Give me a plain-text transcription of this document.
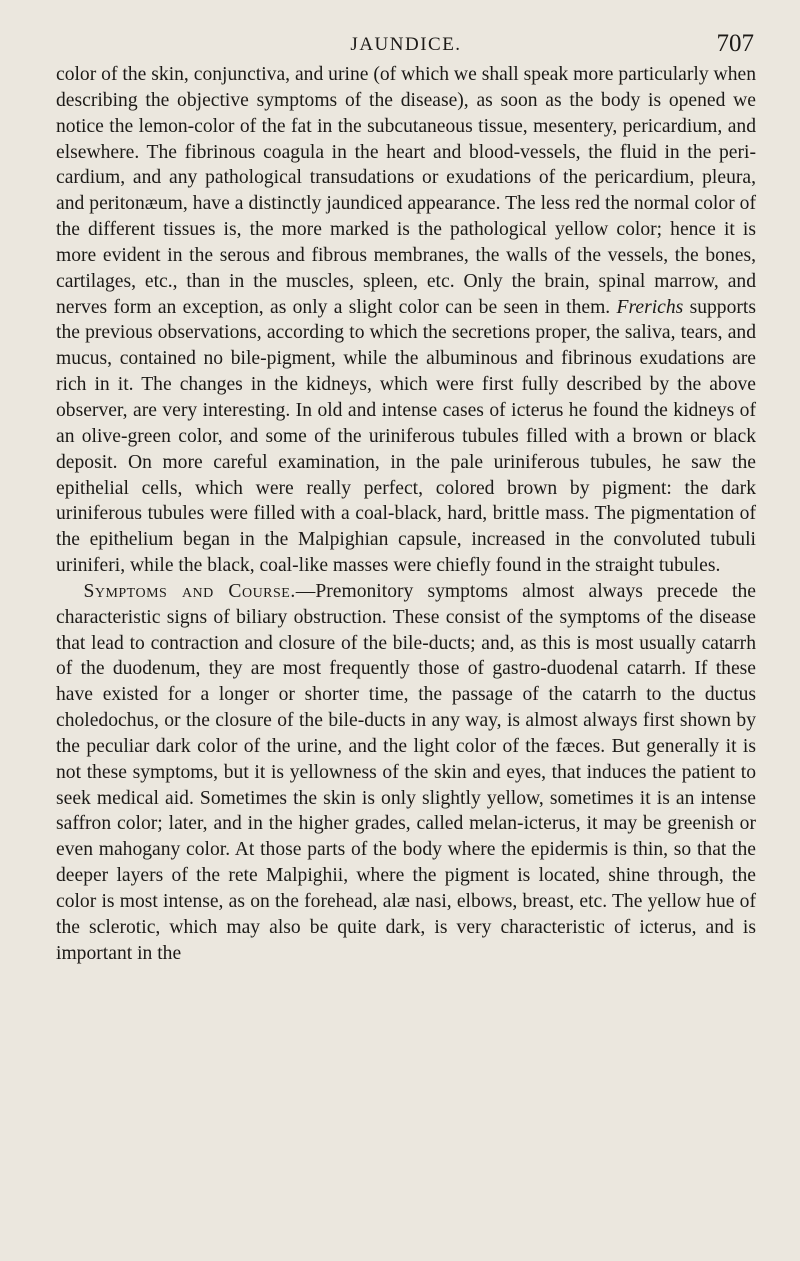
JAUNDICE.	707

color of the skin, conjunctiva, and urine (of which we shall speak more particularly when describing the objective symptoms of the disease), as soon as the body is opened we notice the lemon-color of the fat in the subcutaneous tissue, mesentery, pericardium, and elsewhere. The fibrinous coagula in the heart and blood-vessels, the fluid in the pericardium, and any pathological transudations or exudations of the pericardium, pleura, and peritonæum, have a distinctly jaundiced appearance. The less red the normal color of the different tissues is, the more marked is the pathological yellow color; hence it is more evident in the serous and fibrous membranes, the walls of the vessels, the bones, cartilages, etc., than in the muscles, spleen, etc. Only the brain, spinal marrow, and nerves form an exception, as only a slight color can be seen in them. Frerichs supports the previous observations, according to which the secretions proper, the saliva, tears, and mucus, contained no bile-pigment, while the albuminous and fibrinous exudations are rich in it. The changes in the kidneys, which were first fully described by the above observer, are very interesting. In old and intense cases of icterus he found the kidneys of an olive-green color, and some of the uriniferous tubules filled with a brown or black deposit. On more careful examination, in the pale uriniferous tubules, he saw the epithelial cells, which were really perfect, colored brown by pigment: the dark uriniferous tubules were filled with a coal-black, hard, brittle mass. The pigmentation of the epithelium began in the Malpighian capsule, increased in the convoluted tubuli uriniferi, while the black, coal-like masses were chiefly found in the straight tubules.

Symptoms and Course.—Premonitory symptoms almost always precede the characteristic signs of biliary obstruction. These consist of the symptoms of the disease that lead to contraction and closure of the bile-ducts; and, as this is most usually catarrh of the duodenum, they are most frequently those of gastro-duodenal catarrh. If these have existed for a longer or shorter time, the passage of the catarrh to the ductus choledochus, or the closure of the bile-ducts in any way, is almost always first shown by the peculiar dark color of the urine, and the light color of the fæces. But generally it is not these symptoms, but it is yellowness of the skin and eyes, that induces the patient to seek medical aid. Sometimes the skin is only slightly yellow, sometimes it is an intense saffron color; later, and in the higher grades, called melan-icterus, it may be greenish or even mahogany color. At those parts of the body where the epidermis is thin, so that the deeper layers of the rete Malpighii, where the pigment is located, shine through, the color is most intense, as on the forehead, alæ nasi, elbows, breast, etc. The yellow hue of the sclerotic, which may also be quite dark, is very characteristic of icterus, and is important in the
